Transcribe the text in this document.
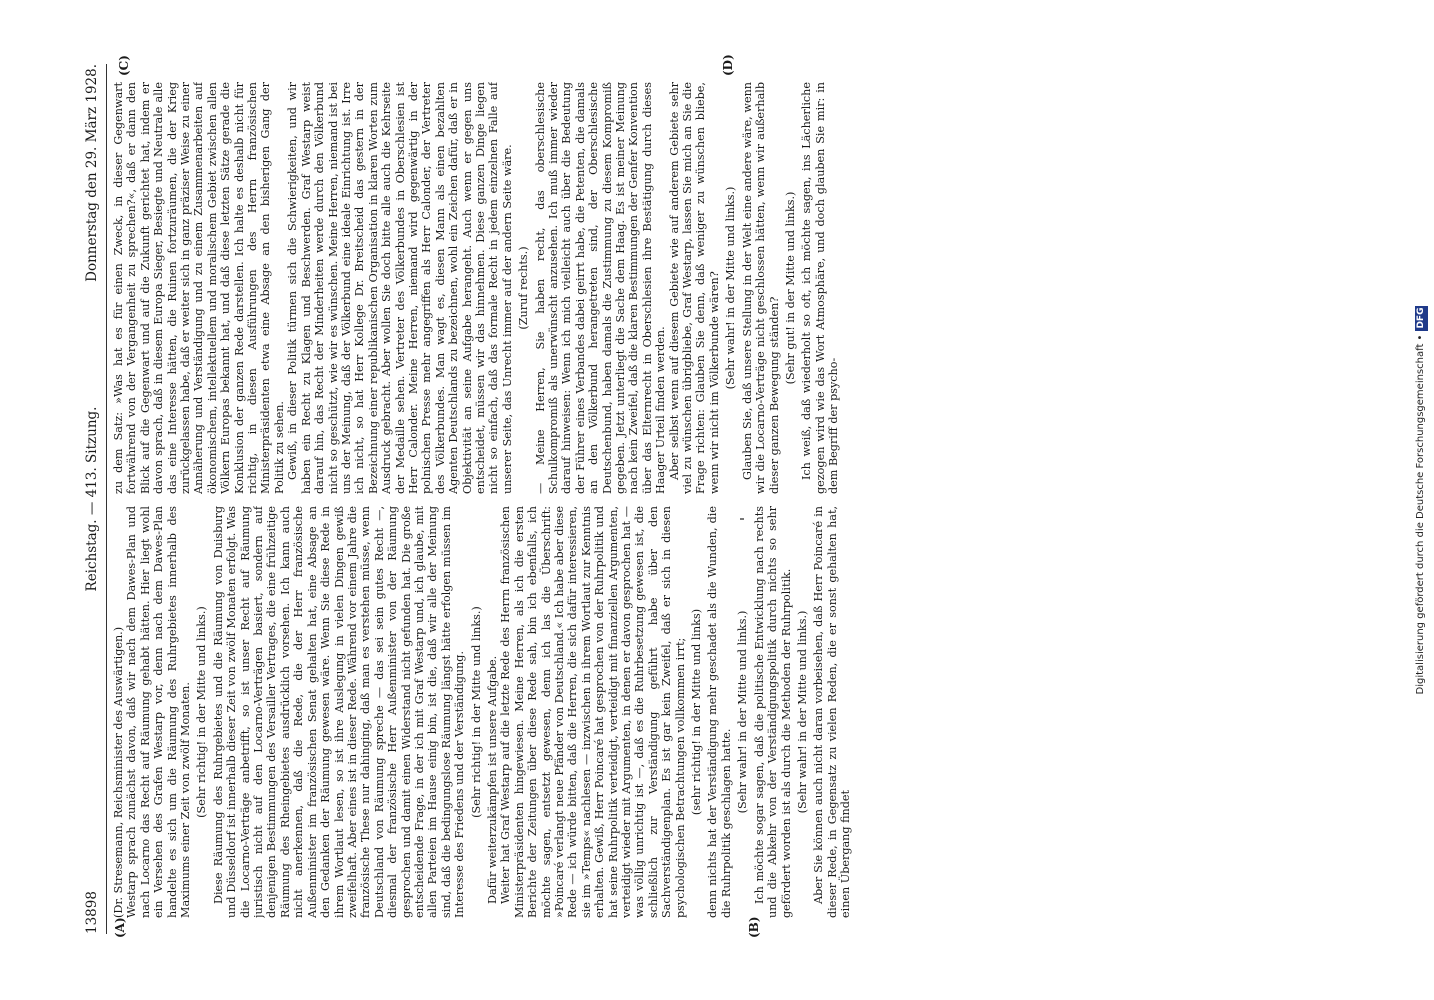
13898
Reichstag. — 413. Sitzung.
Donnerstag den 29. März 1928.
(A)	(B)
(C)	(D)

(Dr. Stresemann, Reichsminister des Auswärtigen.) Westarp sprach zunächst davon, daß wir nach dem Dawes-Plan und nach Locarno das Recht auf Räumung gehabt hätten. Hier liegt wohl ein Versehen des Grafen Westarp vor, denn nach dem Dawes-Plan handelte es sich um die Räumung des Ruhrgebietes innerhalb des Maximums einer Zeit von zwölf Monaten. (Sehr richtig! in der Mitte und links.) Diese Räumung des Ruhrgebietes und die Räumung von Duisburg und Düsseldorf ist innerhalb dieser Zeit von zwölf Monaten erfolgt. Was die Locarno-Verträge anbetrifft, so ist unser Recht auf Räumung juristisch nicht auf den Locarno-Verträgen basiert, sondern auf denjenigen Bestimmungen des Versailler Vertrages, die eine frühzeitige Räumung des Rheingebietes ausdrücklich vorsehen. Ich kann auch nicht anerkennen, daß die Rede, die der Herr französische Außenminister im französischen Senat gehalten hat, eine Absage an den Gedanken der Räumung gewesen wäre. Wenn Sie diese Rede in ihrem Wortlaut lesen, so ist ihre Auslegung in vielen Dingen gewiß zweifelhaft. Aber eines ist in dieser Rede. Während vor einem Jahre die französische These nur dahinging, daß man es verstehen müsse, wenn Deutschland von Räumung spreche — das sei sein gutes Recht —, diesmal der französische Herr Außenminister von der Räumung gesprochen und damit einen Widerstand nicht gefunden hat. Die große entscheidende Frage, in der ich mit Graf Westarp und, ich glaube, mit allen Parteien im Hause einig bin, ist die, daß wir alle der Meinung sind, daß die bedingungslose Räumung längst hätte erfolgen müssen im Interesse des Friedens und der Verständigung. (Sehr richtig! in der Mitte und links.) Dafür weiterzukämpfen ist unsere Aufgabe. Weiter hat Graf Westarp auf die letzte Rede des Herrn französischen Ministerpräsidenten hingewiesen. Meine Herren, als ich die ersten Berichte der Zeitungen über diese Rede sah, bin ich ebenfalls, ich möchte sagen, entsetzt gewesen, denn ich las die Überschrift: »Poincaré verlangt neue Pfänder von Deutschland.« Ich habe aber diese Rede — ich würde bitten, daß die Herren, die sich dafür interessieren, sie im »Temps« nachlesen — inzwischen in ihrem Wortlaut zur Kenntnis erhalten. Gewiß, Herr Poincaré hat gesprochen von der Ruhrpolitik und hat seine Ruhrpolitik verteidigt, verteidigt mit finanziellen Argumenten, verteidigt wieder mit Argumenten, in denen er davon gesprochen hat — was völlig unrichtig ist —, daß es die Ruhrbesetzung gewesen ist, die schließlich zur Verständigung geführt habe über den Sachverständigenplan. Es ist gar kein Zweifel, daß er sich in diesen psychologischen Betrachtungen vollkommen irrt; (sehr richtig! in der Mitte und links) denn nichts hat der Verständigung mehr geschadet als die Wunden, die die Ruhrpolitik geschlagen hatte.

(Sehr wahr! in der Mitte und links.) Ich möchte sogar sagen, daß die politische Entwicklung nach rechts und die Abkehr von der Verständigungspolitik durch nichts so sehr gefördert worden ist als durch die Methoden der Ruhrpolitik. (Sehr wahr! in der Mitte und links.) Aber Sie können auch nicht daran vorbeisehen, daß Herr Poincaré in dieser Rede, in Gegensatz zu vielen Reden, die er sonst gehalten hat, einen Übergang findet

zu dem Satz: »Was hat es für einen Zweck, in dieser Gegenwart fortwährend von der Vergangenheit zu sprechen?«, daß er dann den Blick auf die Gegenwart und auf die Zukunft gerichtet hat, indem er davon sprach, daß in diesem Europa Sieger, Besiegte und Neutrale alle das eine Interesse hätten, die Ruinen fortzuräumen, die der Krieg zurückgelassen habe, daß er weiter sich in ganz präziser Weise zu einer Annäherung und Verständigung und zu einem Zusammenarbeiten auf ökonomischem, intellektuellem und moralischem Gebiet zwischen allen Völkern Europas bekannt hat, und daß diese letzten Sätze gerade die Konklusion der ganzen Rede darstellen. Ich halte es deshalb nicht für richtig, in diesen Ausführungen des Herrn französischen Ministerpräsidenten etwa eine Absage an den bisherigen Gang der Politik zu sehen. Gewiß, in dieser Politik türmen sich die Schwierigkeiten, und wir haben ein Recht zu Klagen und Beschwerden. Graf Westarp weist darauf hin, das Recht der Minderheiten werde durch den Völkerbund nicht so geschützt, wie wir es wünschen. Meine Herren, niemand ist bei uns der Meinung, daß der Völkerbund eine ideale Einrichtung ist. Irre ich nicht, so hat Herr Kollege Dr. Breitscheid das gestern in der Bezeichnung einer republikanischen Organisation in klaren Worten zum Ausdruck gebracht. Aber wollen Sie doch bitte alle auch die Kehrseite der Medaille sehen. Vertreter des Völkerbundes in Oberschlesien ist Herr Calonder. Meine Herren, niemand wird gegenwärtig in der polnischen Presse mehr angegriffen als Herr Calonder, der Vertreter des Völkerbundes. Man wagt es, diesen Mann als einen bezahlten Agenten Deutschlands zu bezeichnen, wohl ein Zeichen dafür, daß er in Objektivität an seine Aufgabe herangeht. Auch wenn er gegen uns entscheidet, müssen wir das hinnehmen. Diese ganzen Dinge liegen nicht so einfach, daß das formale Recht in jedem einzelnen Falle auf unserer Seite, das Unrecht immer auf der andern Seite wäre. (Zuruf rechts.) — Meine Herren, Sie haben recht, das oberschlesische Schulkompromiß als unerwünscht anzusehen. Ich muß immer wieder darauf hinweisen: Wenn ich mich vielleicht auch über die Bedeutung der Führer eines Verbandes dabei geirrt habe, die Petenten, die damals an den Völkerbund herangetreten sind, der Oberschlesische Deutschenbund, haben damals die Zustimmung zu diesem Kompromiß gegeben. Jetzt unterliegt die Sache dem Haag. Es ist meiner Meinung nach kein Zweifel, daß die klaren Bestimmungen der Genfer Konvention über das Elternrecht in Oberschlesien ihre Bestätigung durch dieses Haager Urteil finden werden. Aber selbst wenn auf diesem Gebiete wie auf anderem Gebiete sehr viel zu wünschen übrigbliebe, Graf Westarp, lassen Sie mich an Sie die Frage richten: Glauben Sie denn, daß weniger zu wünschen bliebe, wenn wir nicht im Völkerbunde wären? (Sehr wahr! in der Mitte und links.) Glauben Sie, daß unsere Stellung in der Welt eine andere wäre, wenn wir die Locarno-Verträge nicht geschlossen hätten, wenn wir außerhalb dieser ganzen Bewegung ständen?

(Sehr gut! in der Mitte und links.) Ich weiß, daß wiederholt so oft, ich möchte sagen, ins Lächerliche gezogen wird wie das Wort Atmosphäre, und doch glauben Sie mir: in dem Begriff der psycho-	Digitalisierung gefördert durch die Deutsche Forschungsgemeinschaft •DFG
